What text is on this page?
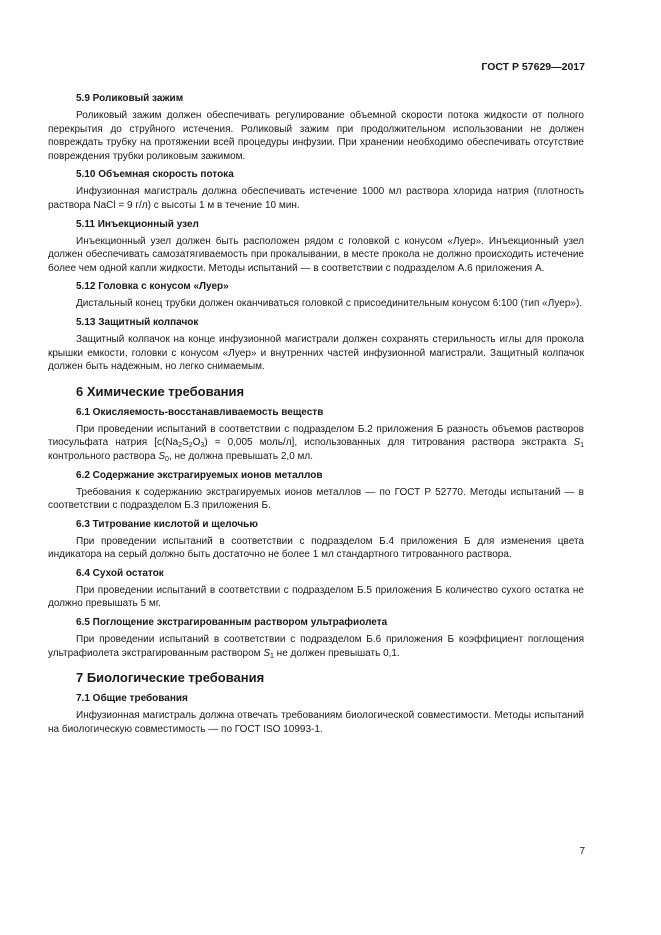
ГОСТ Р 57629—2017
5.9 Роликовый зажим

Роликовый зажим должен обеспечивать регулирование объемной скорости потока жидкости от полного перекрытия до струйного истечения. Роликовый зажим при продолжительном использовании не должен повреждать трубку на протяжении всей процедуры инфузии. При хранении необходимо обеспечивать отсутствие повреждения трубки роликовым зажимом.

5.10 Объемная скорость потока

Инфузионная магистраль должна обеспечивать истечение 1000 мл раствора хлорида натрия (плотность раствора NaCl = 9 г/л) с высоты 1 м в течение 10 мин.

5.11 Инъекционный узел

Инъекционный узел должен быть расположен рядом с головкой с конусом «Луер». Инъекционный узел должен обеспечивать самозатягиваемость при прокалывании, в месте прокола не должно происходить истечение более чем одной капли жидкости. Методы испытаний — в соответствии с подразделом А.6 приложения А.

5.12 Головка с конусом «Луер»

Дистальный конец трубки должен оканчиваться головкой с присоединительным конусом 6:100 (тип «Луер»).

5.13 Защитный колпачок

Защитный колпачок на конце инфузионной магистрали должен сохранять стерильность иглы для прокола крышки емкости, головки с конусом «Луер» и внутренних частей инфузионной магистрали. Защитный колпачок должен быть надежным, но легко снимаемым.

6 Химические требования
6.1 Окисляемость-восстанавливаемость веществ

При проведении испытаний в соответствии с подразделом Б.2 приложения Б разность объемов растворов тиосульфата натрия [$c(Na_2S_2O_3) = 0,005$ моль/л], использованных для титрования раствора экстракта $S_1$ контрольного раствора $S_0$, не должна превышать 2,0 мл.

6.2 Содержание экстрагируемых ионов металлов

Требования к содержанию экстрагируемых ионов металлов — по ГОСТ Р 52770. Методы испытаний — в соответствии с подразделом Б.3 приложения Б.

6.3 Титрование кислотой и щелочью

При проведении испытаний в соответствии с подразделом Б.4 приложения Б для изменения цвета индикатора на серый должно быть достаточно не более 1 мл стандартного титрованного раствора.

6.4 Сухой остаток

При проведении испытаний в соответствии с подразделом Б.5 приложения Б количество сухого остатка не должно превышать 5 мг.

6.5 Поглощение экстрагированным раствором ультрафиолета

При проведении испытаний в соответствии с подразделом Б.6 приложения Б коэффициент поглощения ультрафиолета экстрагированным раствором $S_1$ не должен превышать 0,1.

7 Биологические требования
7.1 Общие требования

Инфузионная магистраль должна отвечать требованиям биологической совместимости. Методы испытаний на биологическую совместимость — по ГОСТ ISO 10993-1.

7
